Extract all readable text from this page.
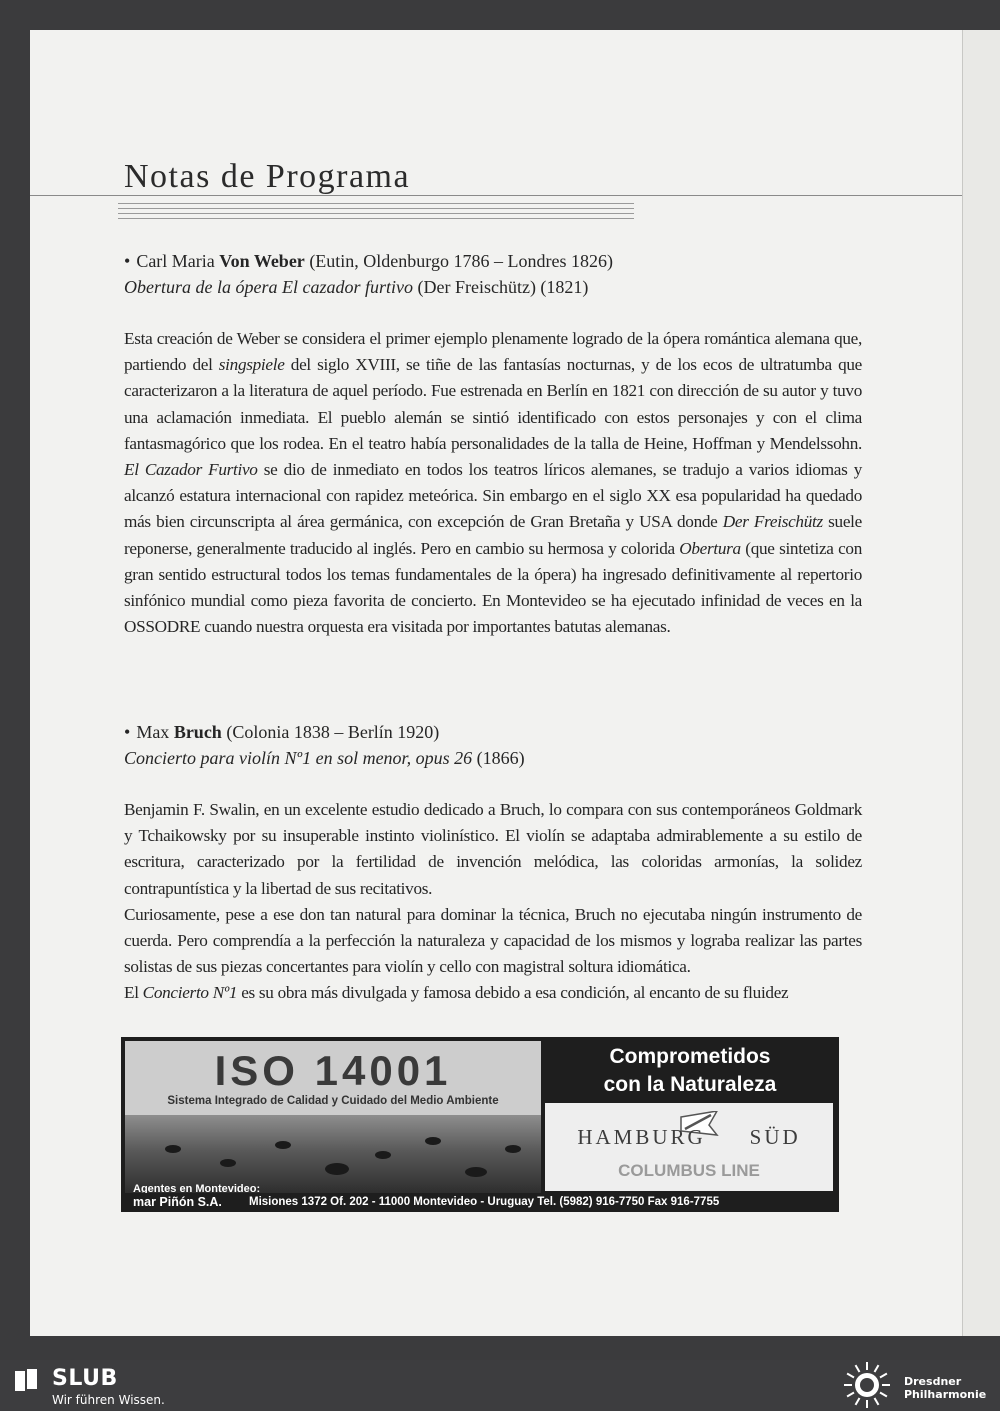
Notas de Programa
• Carl Maria Von Weber (Eutin, Oldenburgo 1786 – Londres 1826)
Obertura de la ópera El cazador furtivo (Der Freischütz) (1821)

Esta creación de Weber se considera el primer ejemplo plenamente logrado de la ópera romántica alemana que, partiendo del singspiele del siglo XVIII, se tiñe de las fantasías nocturnas, y de los ecos de ultratumba que caracterizaron a la literatura de aquel período. Fue estrenada en Berlín en 1821 con dirección de su autor y tuvo una aclamación inmediata. El pueblo alemán se sintió identificado con estos personajes y con el clima fantasmagórico que los rodea. En el teatro había personalidades de la talla de Heine, Hoffman y Mendelssohn. El Cazador Furtivo se dio de inmediato en todos los teatros líricos alemanes, se tradujo a varios idiomas y alcanzó estatura internacional con rapidez meteórica. Sin embargo en el siglo XX esa popularidad ha quedado más bien circunscripta al área germánica, con excepción de Gran Bretaña y USA donde Der Freischütz suele reponerse, generalmente traducido al inglés. Pero en cambio su hermosa y colorida Obertura (que sintetiza con gran sentido estructural todos los temas fundamentales de la ópera) ha ingresado definitivamente al repertorio sinfónico mundial como pieza favorita de concierto. En Montevideo se ha ejecutado infinidad de veces en la OSSODRE cuando nuestra orquesta era visitada por importantes batutas alemanas.

• Max Bruch (Colonia 1838 – Berlín 1920)
Concierto para violín Nº1 en sol menor, opus 26 (1866)

Benjamin F. Swalin, en un excelente estudio dedicado a Bruch, lo compara con sus contemporáneos Goldmark y Tchaikowsky por su insuperable instinto violinístico. El violín se adaptaba admirablemente a su estilo de escritura, caracterizado por la fertilidad de invención melódica, las coloridas armonías, la solidez contrapuntística y la libertad de sus recitativos.

Curiosamente, pese a ese don tan natural para dominar la técnica, Bruch no ejecutaba ningún instrumento de cuerda. Pero comprendía a la perfección la naturaleza y capacidad de los mismos y lograba realizar las partes solistas de sus piezas concertantes para violín y cello con magistral soltura idiomática.

El Concierto Nº1 es su obra más divulgada y famosa debido a esa condición, al encanto de su fluidez

ISO 14001
Sistema Integrado de Calidad y Cuidado del Medio Ambiente
Agentes en Montevideo:
Comprometidos
con la Naturaleza
HAMBURG SÜD
COLUMBUS LINE
mar Piñón S.A. Misiones 1372 Of. 202 - 11000 Montevideo - Uruguay Tel. (5982) 916-7750 Fax 916-7755
SLUB
Wir führen Wissen.
Dresdner
Philharmonie
